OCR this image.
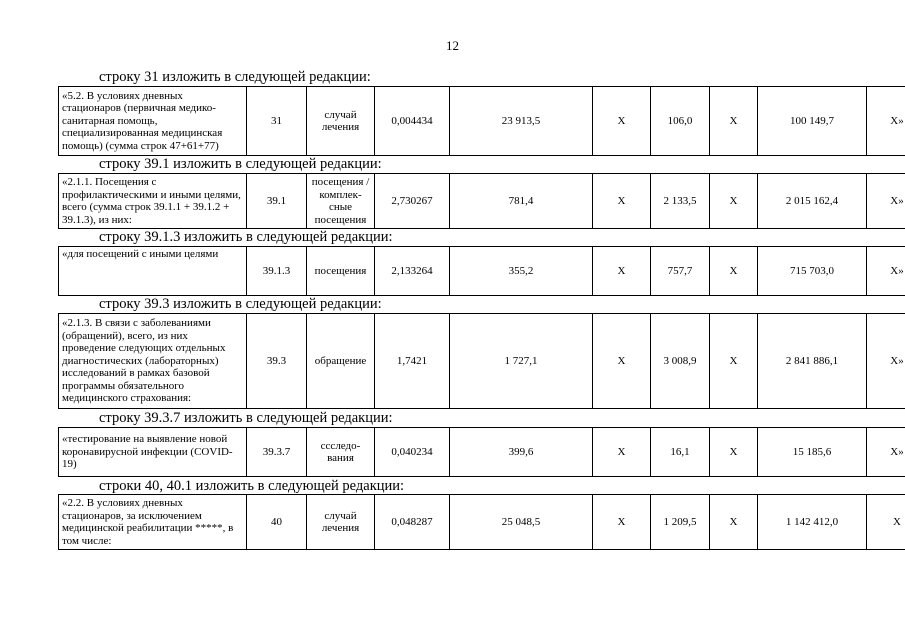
12
строку 31 изложить в следующей редакции:
«5.2. В условиях дневных стационаров (первичная медико-санитарная помощь, специализированная медицинская помощь) (сумма строк 47+61+77)	31	случай лечения	0,004434	23 913,5	Х	106,0	Х	100 149,7	Х»
строку 39.1 изложить в следующей редакции:
«2.1.1. Посещения с профилактическими и иными целями, всего (сумма строк 39.1.1 + 39.1.2 + 39.1.3), из них:	39.1	посещения / комплек-сные посещения	2,730267	781,4	Х	2 133,5	Х	2 015 162,4	Х»
строку 39.1.3 изложить в следующей редакции:
«для посещений с иными целями	39.1.3	посещения	2,133264	355,2	Х	757,7	Х	715 703,0	Х»
строку 39.3 изложить в следующей редакции:
«2.1.3. В связи с заболеваниями (обращений), всего, из них проведение следующих отдельных диагностических (лабораторных) исследований в рамках базовой программы обязательного медицинского страхования:	39.3	обращение	1,7421	1 727,1	Х	3 008,9	Х	2 841 886,1	Х»
строку 39.3.7 изложить в следующей редакции:
«тестирование на выявление новой коронавирусной инфекции (COVID-19)	39.3.7	ссследо-вания	0,040234	399,6	Х	16,1	Х	15 185,6	Х»
строки 40, 40.1 изложить в следующей редакции:
«2.2. В условиях дневных стационаров, за исключением медицинской реабилитации *****, в том числе:	40	случай лечения	0,048287	25 048,5	Х	1 209,5	Х	1 142 412,0	Х
